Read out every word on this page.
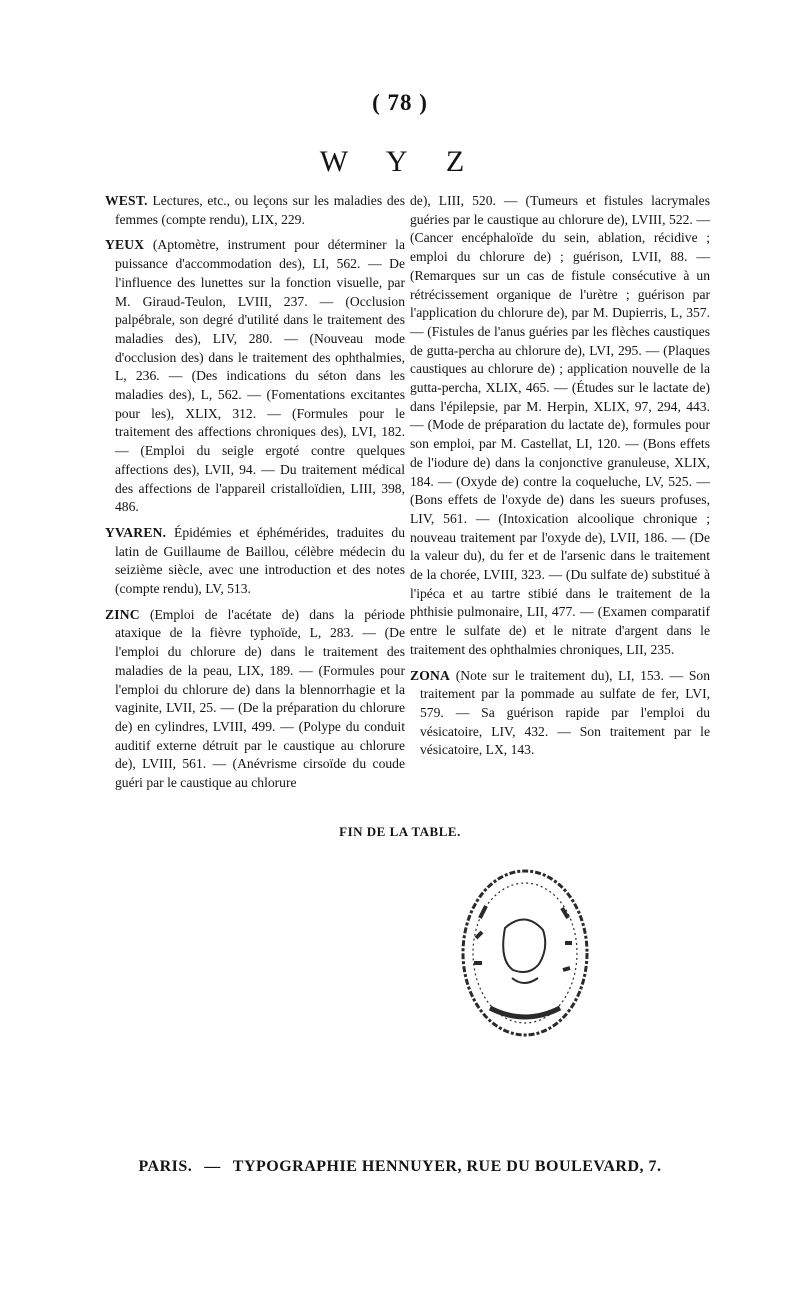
( 78 )
W Y Z

WEST. Lectures, etc., ou leçons sur les maladies des femmes (compte rendu), LIX, 229.

YEUX (Aptomètre, instrument pour déterminer la puissance d'accommodation des), LI, 562. — De l'influence des lunettes sur la fonction visuelle, par M. Giraud-Teulon, LVIII, 237. — (Occlusion palpébrale, son degré d'utilité dans le traitement des maladies des), LIV, 280. — (Nouveau mode d'occlusion des) dans le traitement des ophthalmies, L, 236. — (Des indications du séton dans les maladies des), L, 562. — (Fomentations excitantes pour les), XLIX, 312. — (Formules pour le traitement des affections chroniques des), LVI, 182. — (Emploi du seigle ergoté contre quelques affections des), LVII, 94. — Du traitement médical des affections de l'appareil cristalloïdien, LIII, 398, 486.

YVAREN. Épidémies et éphémérides, traduites du latin de Guillaume de Baillou, célèbre médecin du seizième siècle, avec une introduction et des notes (compte rendu), LV, 513.

ZINC (Emploi de l'acétate de) dans la période ataxique de la fièvre typhoïde, L, 283. — (De l'emploi du chlorure de) dans le traitement des maladies de la peau, LIX, 189. — (Formules pour l'emploi du chlorure de) dans la blennorrhagie et la vaginite, LVII, 25. — (De la préparation du chlorure de) en cylindres, LVIII, 499. — (Polype du conduit auditif externe détruit par le caustique au chlorure de), LVIII, 561. — (Anévrisme cirsoïde du coude guéri par le caustique au chlorure

de), LIII, 520. — (Tumeurs et fistules lacrymales guéries par le caustique au chlorure de), LVIII, 522. — (Cancer encéphaloïde du sein, ablation, récidive ; emploi du chlorure de) ; guérison, LVII, 88. — (Remarques sur un cas de fistule consécutive à un rétrécissement organique de l'urètre ; guérison par l'application du chlorure de), par M. Dupierris, L, 357. — (Fistules de l'anus guéries par les flèches caustiques de gutta-percha au chlorure de), LVI, 295. — (Plaques caustiques au chlorure de) ; application nouvelle de la gutta-percha, XLIX, 465. — (Études sur le lactate de) dans l'épilepsie, par M. Herpin, XLIX, 97, 294, 443. — (Mode de préparation du lactate de), formules pour son emploi, par M. Castellat, LI, 120. — (Bons effets de l'iodure de) dans la conjonctive granuleuse, XLIX, 184. — (Oxyde de) contre la coqueluche, LV, 525. — (Bons effets de l'oxyde de) dans les sueurs profuses, LIV, 561. — (Intoxication alcoolique chronique ; nouveau traitement par l'oxyde de), LVII, 186. — (De la valeur du), du fer et de l'arsenic dans le traitement de la chorée, LVIII, 323. — (Du sulfate de) substitué à l'ipéca et au tartre stibié dans le traitement de la phthisie pulmonaire, LII, 477. — (Examen comparatif entre le sulfate de) et le nitrate d'argent dans le traitement des ophthalmies chroniques, LII, 235.

ZONA (Note sur le traitement du), LI, 153. — Son traitement par la pommade au sulfate de fer, LVI, 579. — Sa guérison rapide par l'emploi du vésicatoire, LIV, 432. — Son traitement par le vésicatoire, LX, 143.

FIN DE LA TABLE.
PARIS. — TYPOGRAPHIE HENNUYER, RUE DU BOULEVARD, 7.
